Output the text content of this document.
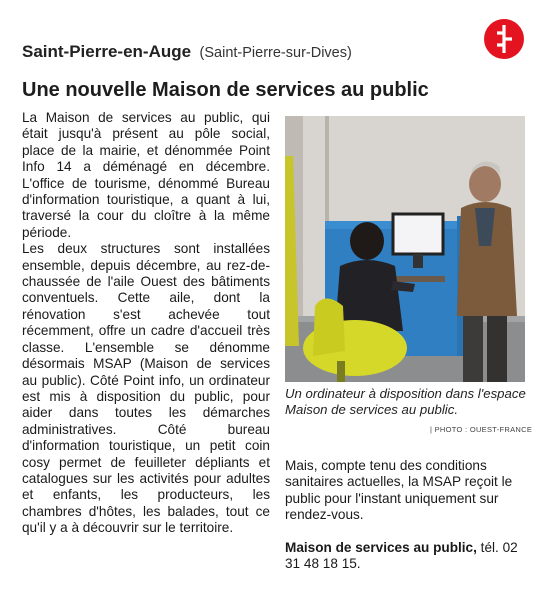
Saint-Pierre-en-Auge (Saint-Pierre-sur-Dives)
Une nouvelle Maison de services au public

La Maison de services au public, qui était jusqu'à présent au pôle social, place de la mairie, et dénommée Point Info 14 a déménagé en décembre. L'office de tourisme, dénommé Bureau d'information touristique, a quant à lui, traversé la cour du cloître à la même période.

Les deux structures sont installées ensemble, depuis décembre, au rez-de-chaussée de l'aile Ouest des bâtiments conventuels. Cette aile, dont la rénovation s'est achevée tout récemment, offre un cadre d'accueil très classe. L'ensemble se dénomme désormais MSAP (Maison de services au public). Côté Point info, un ordinateur est mis à disposition du public, pour aider dans toutes les démarches administratives. Côté bureau d'information touristique, un petit coin cosy permet de feuilleter dépliants et catalogues sur les activités pour adultes et enfants, les producteurs, les chambres d'hôtes, les balades, tout ce qu'il y a à découvrir sur le territoire.

Un ordinateur à disposition dans l'espace Maison de services au public.

| PHOTO : OUEST-FRANCE

Mais, compte tenu des conditions sanitaires actuelles, la MSAP reçoit le public pour l'instant uniquement sur rendez-vous.

Maison de services au public, tél. 02 31 48 18 15.
